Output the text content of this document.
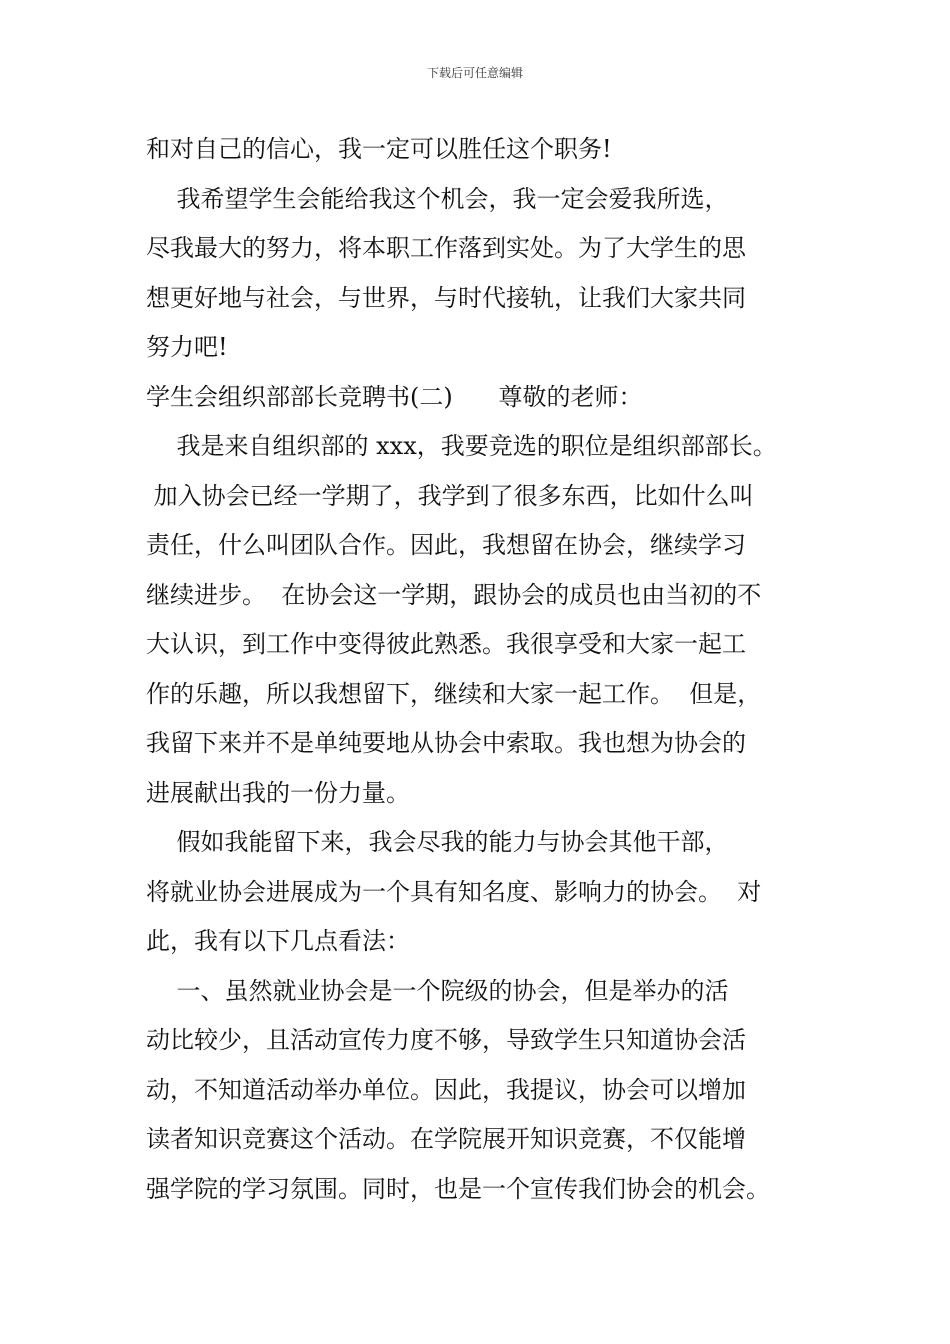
下载后可任意编辑
和对自己的信心，我一定可以胜任这个职务!
我希望学生会能给我这个机会，我一定会爱我所选，
尽我最大的努力，将本职工作落到实处。为了大学生的思
想更好地与社会，与世界，与时代接轨，让我们大家共同
努力吧!
学生会组织部部长竞聘书(二)      尊敬的老师：
我是来自组织部的 xxx，我要竞选的职位是组织部部长。
加入协会已经一学期了，我学到了很多东西，比如什么叫
责任，什么叫团队合作。因此，我想留在协会，继续学习
继续进步。  在协会这一学期，跟协会的成员也由当初的不
大认识，到工作中变得彼此熟悉。我很享受和大家一起工
作的乐趣，所以我想留下，继续和大家一起工作。  但是，
我留下来并不是单纯要地从协会中索取。我也想为协会的
进展献出我的一份力量。
假如我能留下来，我会尽我的能力与协会其他干部，
将就业协会进展成为一个具有知名度、影响力的协会。  对
此，我有以下几点看法：
一、虽然就业协会是一个院级的协会，但是举办的活
动比较少，且活动宣传力度不够，导致学生只知道协会活
动，不知道活动举办单位。因此，我提议，协会可以增加
读者知识竞赛这个活动。在学院展开知识竞赛，不仅能增
强学院的学习氛围。同时，也是一个宣传我们协会的机会。
